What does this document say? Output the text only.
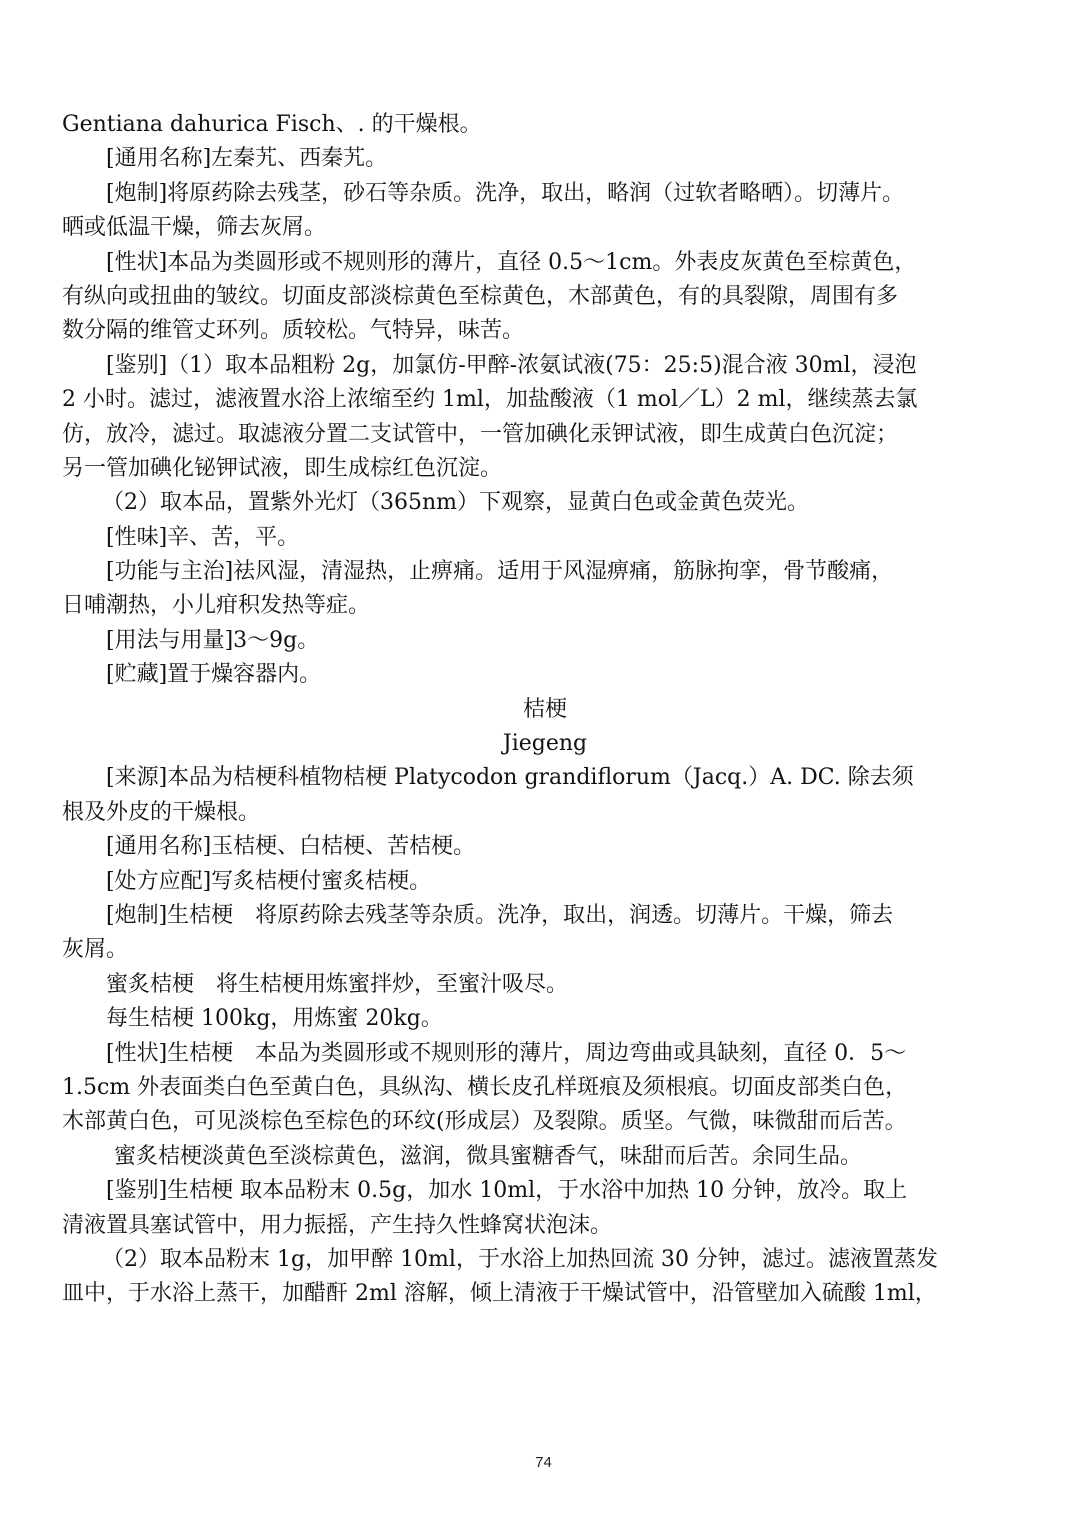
Gentiana dahurica Fisch、. 的干燥根。
[通用名称]左秦艽、西秦艽。
[炮制]将原药除去残茎，砂石等杂质。洗净，取出，略润（过软者略晒）。切薄片。
晒或低温干燥，筛去灰屑。
[性状]本品为类圆形或不规则形的薄片，直径 0.5～1cm。外表皮灰黄色至棕黄色，
有纵向或扭曲的皱纹。切面皮部淡棕黄色至棕黄色，木部黄色，有的具裂隙，周围有多
数分隔的维管丈环列。质较松。气特异，味苦。
[鉴别]（1）取本品粗粉 2g，加氯仿-甲醉-浓氨试液(75：25:5)混合液 30ml，浸泡
2 小时。滤过，滤液置水浴上浓缩至约 1ml，加盐酸液（1 mol／L）2 ml，继续蒸去氯
仿，放冷，滤过。取滤液分置二支试管中，一管加碘化汞钾试液，即生成黄白色沉淀；
另一管加碘化铋钾试液，即生成棕红色沉淀。
（2）取本品，置紫外光灯（365nm）下观察，显黄白色或金黄色荧光。
[性味]辛、苦，平。
[功能与主治]祛风湿，清湿热，止痹痛。适用于风湿痹痛，筋脉拘挛，骨节酸痛，
日哺潮热，小儿疳积发热等症。
[用法与用量]3～9g。
[贮藏]置于燥容器内。
桔梗
Jiegeng
[来源]本品为桔梗科植物桔梗 Platycodon grandiflorum（Jacq.）A. DC. 除去须
根及外皮的干燥根。
[通用名称]玉桔梗、白桔梗、苦桔梗。
[处方应配]写炙桔梗付蜜炙桔梗。
[炮制]生桔梗　将原药除去残茎等杂质。洗净，取出，润透。切薄片。干燥，筛去
灰屑。
蜜炙桔梗　将生桔梗用炼蜜拌炒，至蜜汁吸尽。
每生桔梗 100kg，用炼蜜 20kg。
[性状]生桔梗　本品为类圆形或不规则形的薄片，周边弯曲或具缺刻，直径 0．5～
1.5cm 外表面类白色至黄白色，具纵沟、横长皮孔样斑痕及须根痕。切面皮部类白色，
木部黄白色，可见淡棕色至棕色的环纹(形成层）及裂隙。质坚。气微，味微甜而后苦。
蜜炙桔梗淡黄色至淡棕黄色，滋润，微具蜜糖香气，味甜而后苦。余同生品。
[鉴别]生桔梗 取本品粉末 0.5g，加水 10ml，于水浴中加热 10 分钟，放冷。取上
清液置具塞试管中，用力振摇，产生持久性蜂窝状泡沫。
（2）取本品粉末 1g，加甲醉 10ml，于水浴上加热回流 30 分钟，滤过。滤液置蒸发
皿中，于水浴上蒸干，加醋酐 2ml 溶解，倾上清液于干燥试管中，沿管壁加入硫酸 1ml，
74
